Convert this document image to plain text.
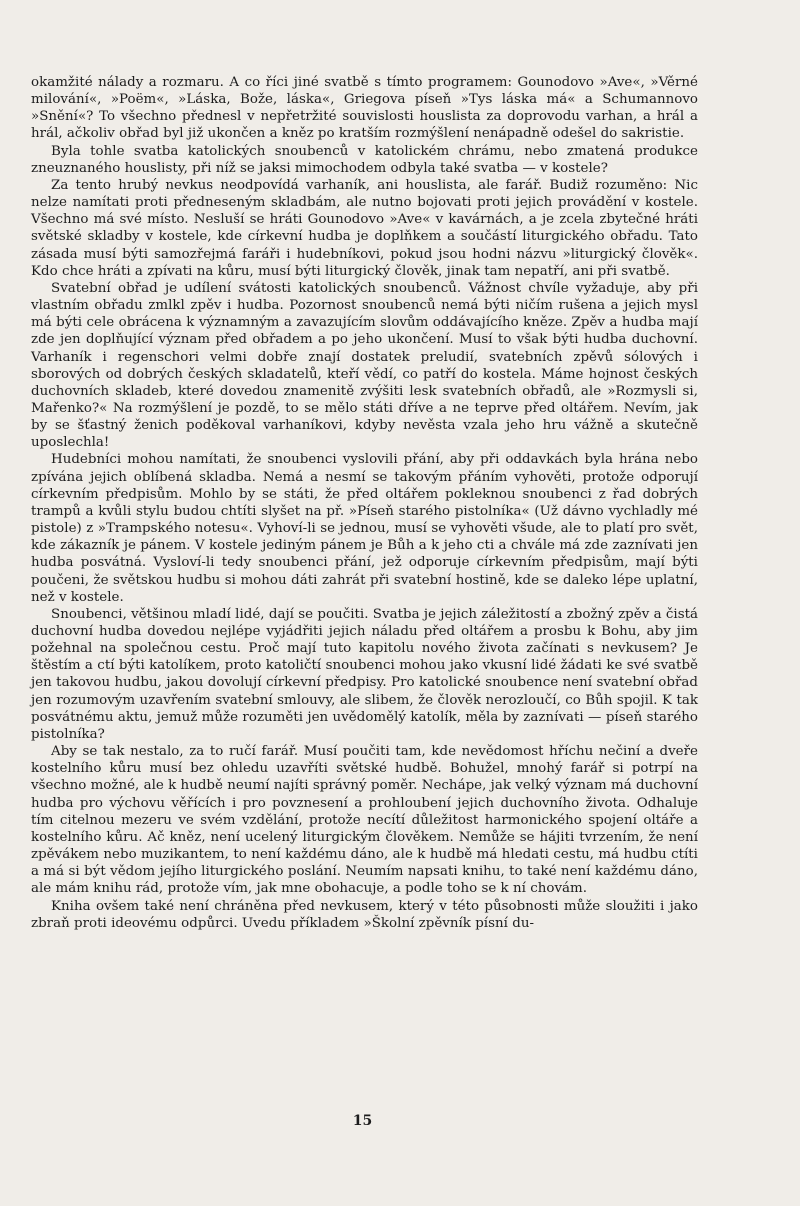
okamžité nálady a rozmaru. A co říci jiné svatbě s tímto programem: Gounodovo »Ave«, »Věrné milování«, »Poëm«, »Láska, Bože, láska«, Griegova píseň »Tys láska má« a Schumannovo »Snění«? To všechno přednesl v nepřetržité souvislosti houslista za doprovodu varhan, a hrál a hrál, ačkoliv obřad byl již ukončen a kněz po kratším rozmýšlení nenápadně odešel do sakristie.

Byla tohle svatba katolických snoubenců v katolickém chrámu, nebo zmatená produkce zneuznaného houslisty, při níž se jaksi mimochodem odbyla také svatba — v kostele?

Za tento hrubý nevkus neodpovídá varhaník, ani houslista, ale farář. Budiž rozuměno: Nic nelze namítati proti předneseným skladbám, ale nutno bojovati proti jejich provádění v kostele. Všechno má své místo. Nesluší se hráti Gounodovo »Ave« v kavárnách, a je zcela zbytečné hráti světské skladby v kostele, kde církevní hudba je doplňkem a součástí liturgického obřadu. Tato zásada musí býti samozřejmá faráři i hudebníkovi, pokud jsou hodni názvu »liturgický člověk«. Kdo chce hráti a zpívati na kůru, musí býti liturgický člověk, jinak tam nepatří, ani při svatbě.

Svatební obřad je udílení svátosti katolických snoubenců. Vážnost chvíle vyžaduje, aby při vlastním obřadu zmlkl zpěv i hudba. Pozornost snoubenců nemá býti ničím rušena a jejich mysl má býti cele obrácena k významným a zavazujícím slovům oddávajícího kněze. Zpěv a hudba mají zde jen doplňující význam před obřadem a po jeho ukončení. Musí to však býti hudba duchovní. Varhaník i regenschori velmi dobře znají dostatek preludií, svatebních zpěvů sólových i sborových od dobrých českých skladatelů, kteří vědí, co patří do kostela. Máme hojnost českých duchovních skladeb, které dovedou znamenitě zvýšiti lesk svatebních obřadů, ale »Rozmysli si, Mařenko?« Na rozmýšlení je pozdě, to se mělo státi dříve a ne teprve před oltářem. Nevím, jak by se šťastný ženich poděkoval varhaníkovi, kdyby nevěsta vzala jeho hru vážně a skutečně uposlechla!

Hudebníci mohou namítati, že snoubenci vyslovili přání, aby při oddavkách byla hrána nebo zpívána jejich oblíbená skladba. Nemá a nesmí se takovým přáním vyhověti, protože odporují církevním předpisům. Mohlo by se státi, že před oltářem pokleknou snoubenci z řad dobrých trampů a kvůli stylu budou chtíti slyšet na př. »Píseň starého pistolníka« (Už dávno vychladly mé pistole) z »Trampského notesu«. Vyhoví-li se jednou, musí se vyhověti všude, ale to platí pro svět, kde zákazník je pánem. V kostele jediným pánem je Bůh a k jeho cti a chvále má zde zaznívati jen hudba posvátná. Vysloví-li tedy snoubenci přání, jež odporuje církevním předpisům, mají býti poučeni, že světskou hudbu si mohou dáti zahrát při svatební hostině, kde se daleko lépe uplatní, než v kostele.

Snoubenci, většinou mladí lidé, dají se poučiti. Svatba je jejich záležitostí a zbožný zpěv a čistá duchovní hudba dovedou nejlépe vyjádřiti jejich náladu před oltářem a prosbu k Bohu, aby jim požehnal na společnou cestu. Proč mají tuto kapitolu nového života začínati s nevkusem? Je štěstím a ctí býti katolíkem, proto katoličtí snoubenci mohou jako vkusní lidé žádati ke své svatbě jen takovou hudbu, jakou dovolují církevní předpisy. Pro katolické snoubence není svatební obřad jen rozumovým uzavřením svatební smlouvy, ale slibem, že člověk nerozloučí, co Bůh spojil. K tak posvátnému aktu, jemuž může rozuměti jen uvědomělý katolík, měla by zaznívati — píseň starého pistolníka?

Aby se tak nestalo, za to ručí farář. Musí poučiti tam, kde nevědomost hříchu nečiní a dveře kostelního kůru musí bez ohledu uzavříti světské hudbě. Bohužel, mnohý farář si potrpí na všechno možné, ale k hudbě neumí najíti správný poměr. Nechápe, jak velký význam má duchovní hudba pro výchovu věřících i pro povznesení a prohloubení jejich duchovního života. Odhaluje tím citelnou mezeru ve svém vzdělání, protože necítí důležitost harmonického spojení oltáře a kostelního kůru. Ač kněz, není ucelený liturgickým člověkem. Nemůže se hájiti tvrzením, že není zpěvákem nebo muzikantem, to není každému dáno, ale k hudbě má hledati cestu, má hudbu ctíti a má si být vědom jejího liturgického poslání. Neumím napsati knihu, to také není každému dáno, ale mám knihu rád, protože vím, jak mne obohacuje, a podle toho se k ní chovám.

Kniha ovšem také není chráněna před nevkusem, který v této působnosti může sloužiti i jako zbraň proti ideovému odpůrci. Uvedu příkladem »Školní zpěvník písní du-

15
